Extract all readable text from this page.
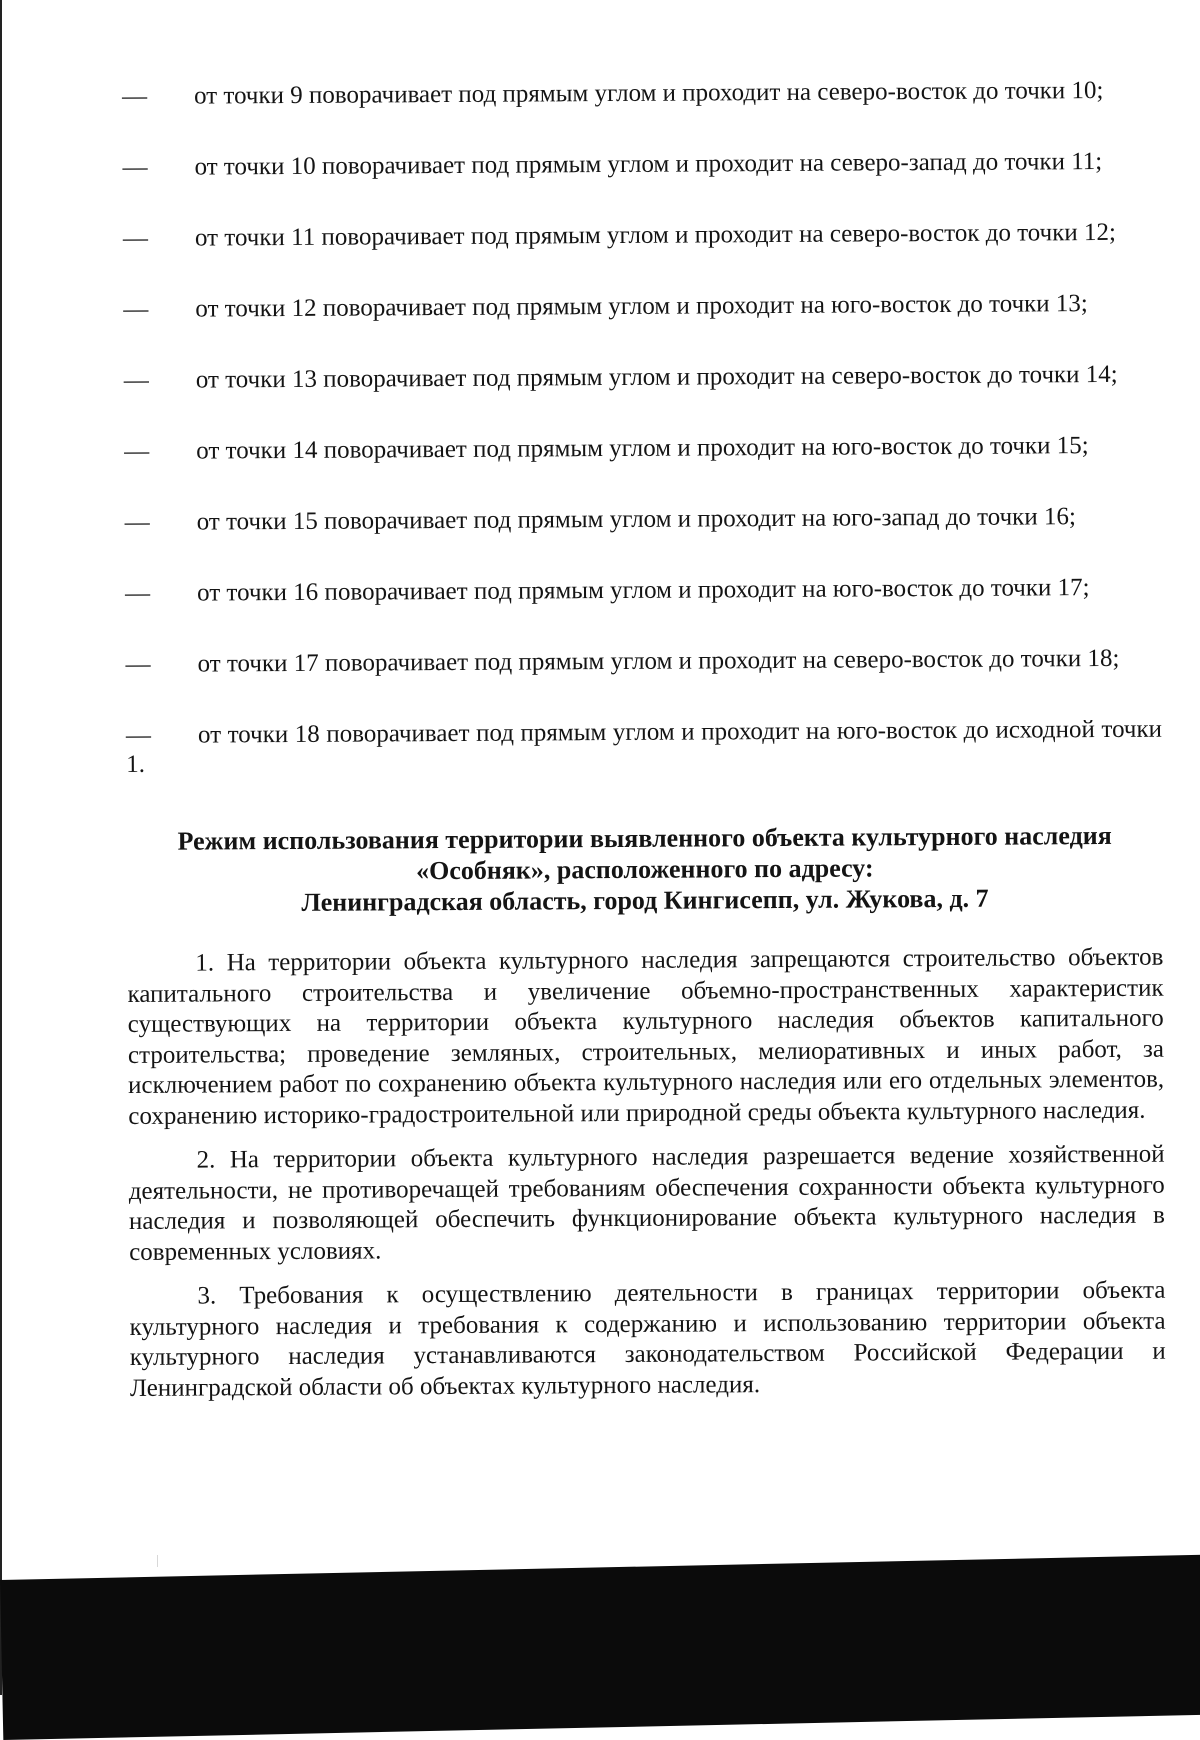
— от точки 9 поворачивает под прямым углом и проходит на северо-восток до точки 10;

— от точки 10 поворачивает под прямым углом и проходит на северо-запад до точки 11;

— от точки 11 поворачивает под прямым углом и проходит на северо-восток до точки 12;

— от точки 12 поворачивает под прямым углом и проходит на юго-восток до точки 13;

— от точки 13 поворачивает под прямым углом и проходит на северо-восток до точки 14;

— от точки 14 поворачивает под прямым углом и проходит на юго-восток до точки 15;

— от точки 15 поворачивает под прямым углом и проходит на юго-запад до точки 16;

— от точки 16 поворачивает под прямым углом и проходит на юго-восток до точки 17;

— от точки 17 поворачивает под прямым углом и проходит на северо-восток до точки 18;

— от точки 18 поворачивает под прямым углом и проходит на юго-восток до исходной точки 1.

Режим использования территории выявленного объекта культурного наследия
«Особняк», расположенного по адресу:
Ленинградская область, город Кингисепп, ул. Жукова, д. 7

1. На территории объекта культурного наследия запрещаются строительство объектов капитального строительства и увеличение объемно-пространственных характеристик существующих на территории объекта культурного наследия объектов капитального строительства; проведение земляных, строительных, мелиоративных и иных работ, за исключением работ по сохранению объекта культурного наследия или его отдельных элементов, сохранению историко-градостроительной или природной среды объекта культурного наследия.

2. На территории объекта культурного наследия разрешается ведение хозяйственной деятельности, не противоречащей требованиям обеспечения сохранности объекта культурного наследия и позволяющей обеспечить функционирование объекта культурного наследия в современных условиях.

3. Требования к осуществлению деятельности в границах территории объекта культурного наследия и требования к содержанию и использованию территории объекта культурного наследия устанавливаются законодательством Российской Федерации и Ленинградской области об объектах культурного наследия.
